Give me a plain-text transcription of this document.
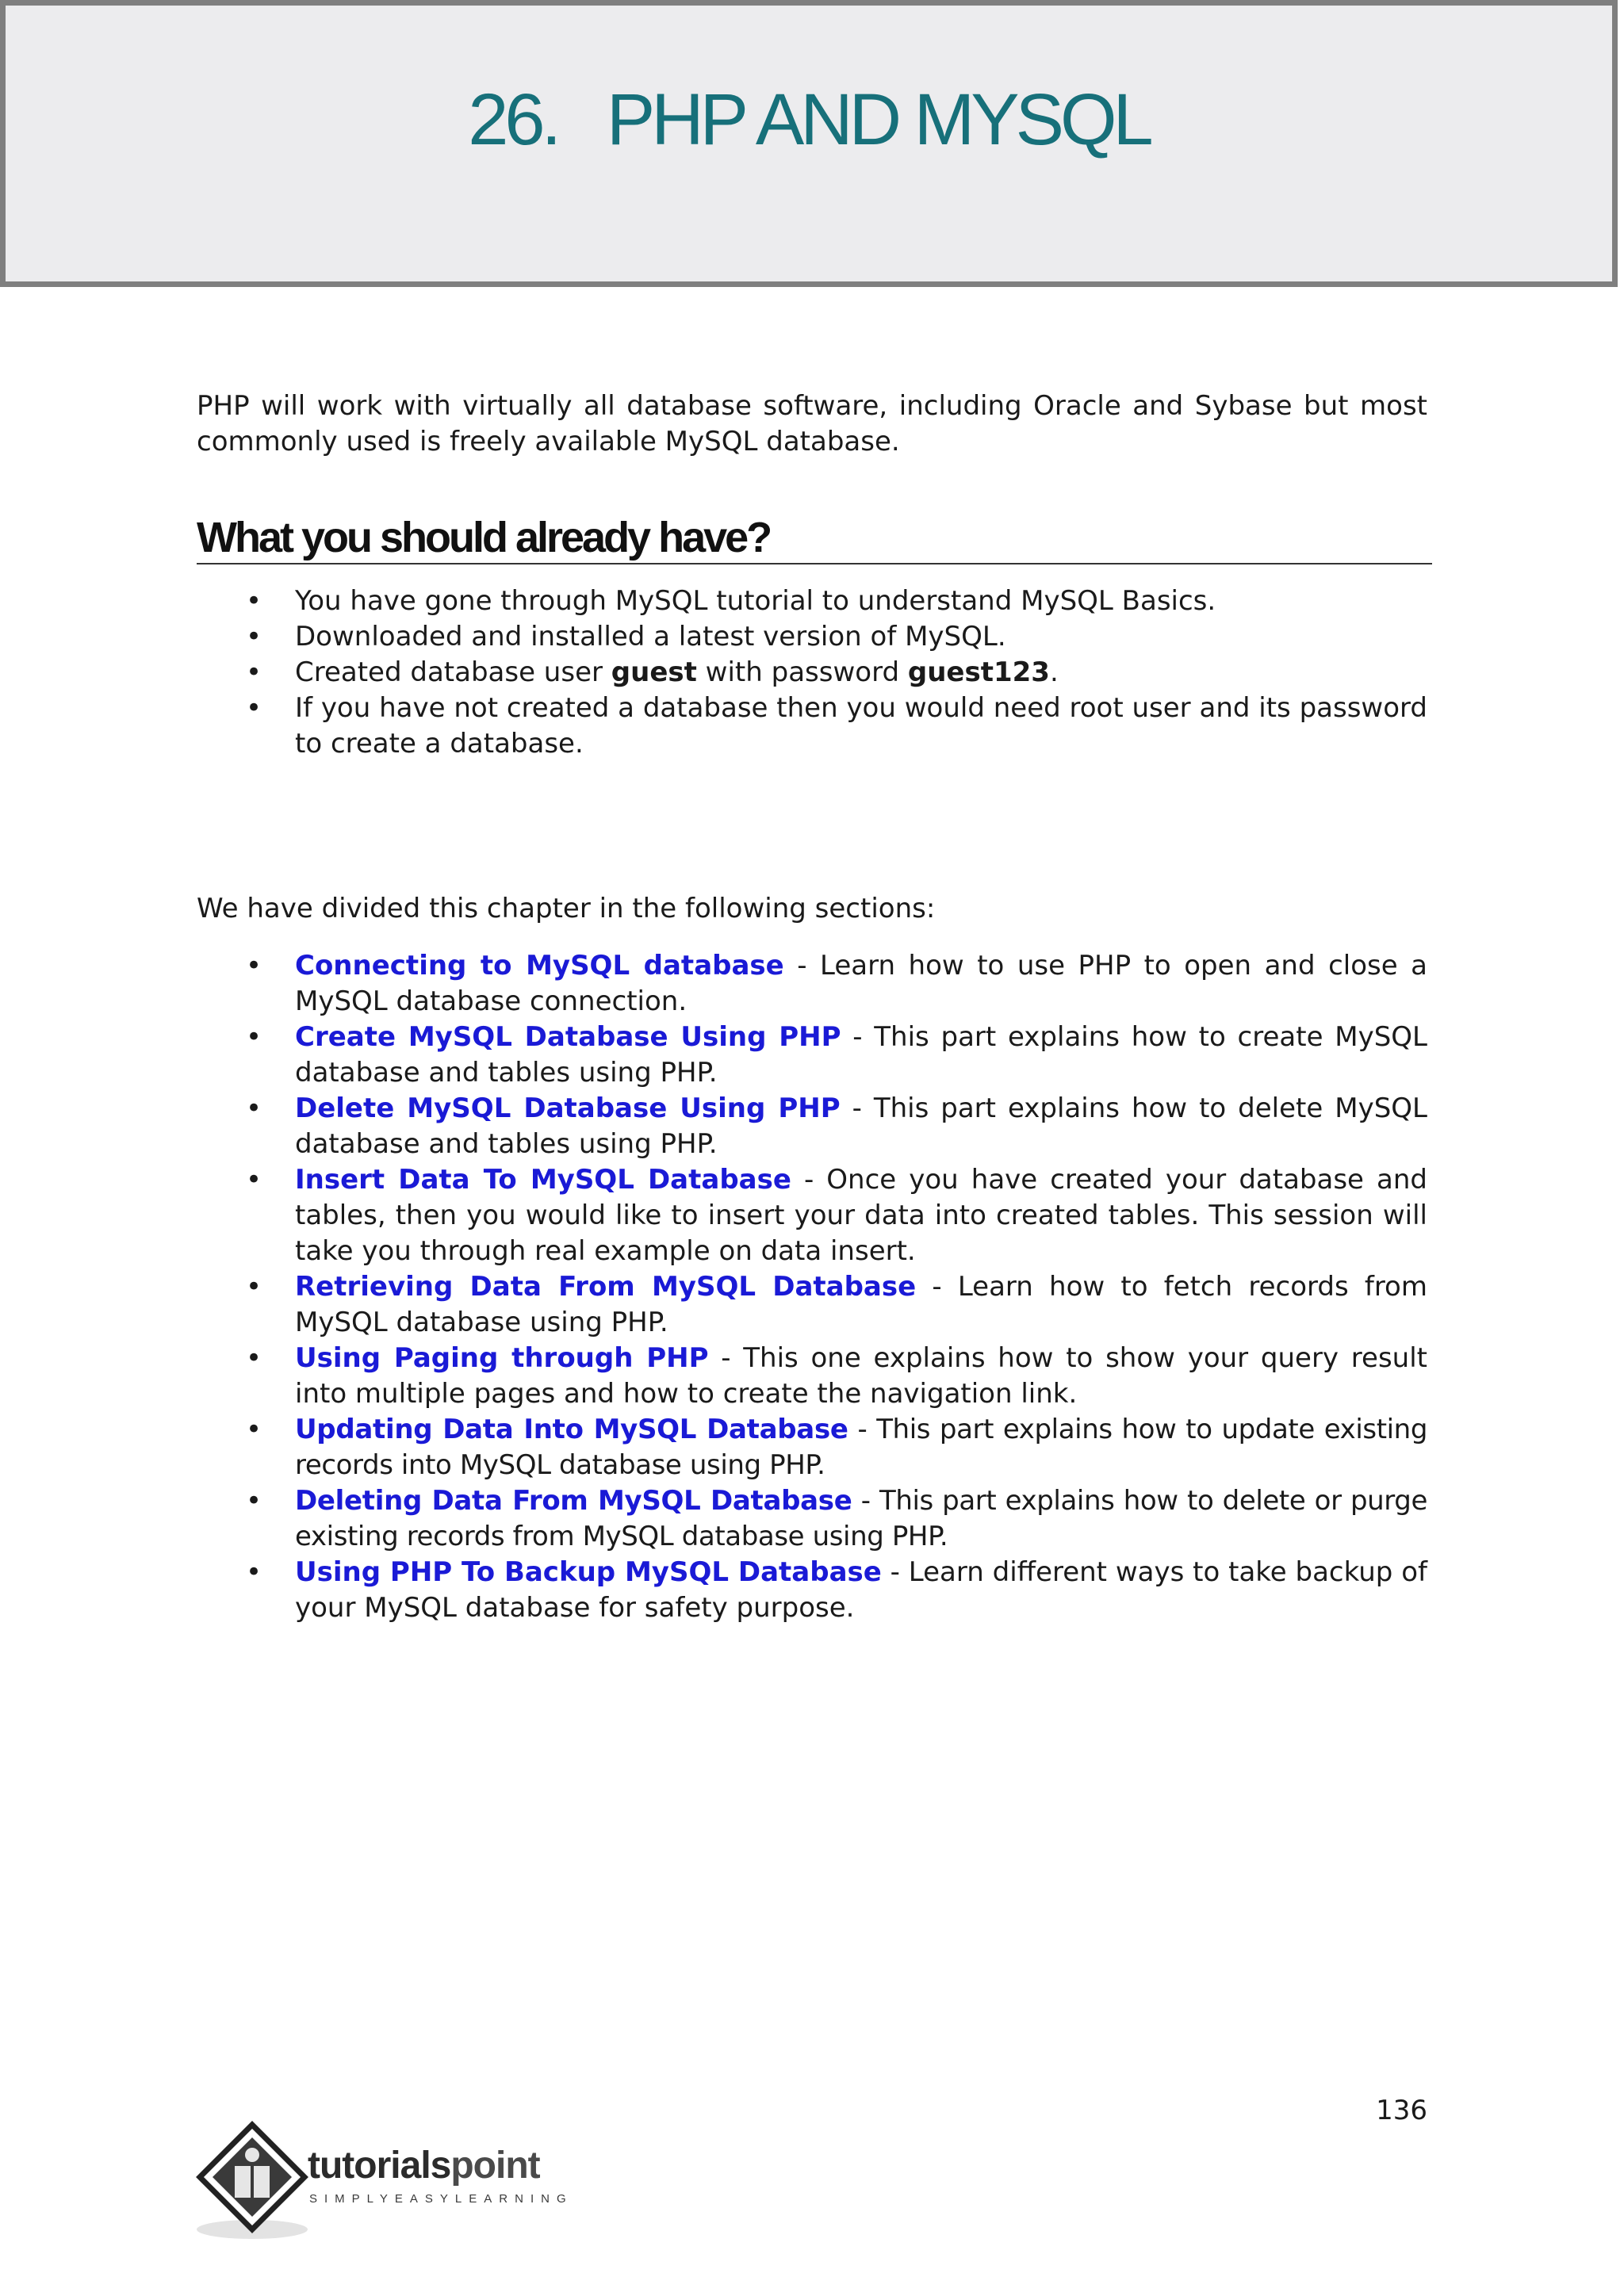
26.   PHP AND MYSQL

PHP will work with virtually all database software, including Oracle and Sybase but most commonly used is freely available MySQL database.

What you should already have?
• You have gone through MySQL tutorial to understand MySQL Basics.
• Downloaded and installed a latest version of MySQL.
• Created database user guest with password guest123.
• If you have not created a database then you would need root user and its password to create a database.

We have divided this chapter in the following sections:

• Connecting to MySQL database - Learn how to use PHP to open and close a MySQL database connection.
• Create MySQL Database Using PHP - This part explains how to create MySQL database and tables using PHP.
• Delete MySQL Database Using PHP - This part explains how to delete MySQL database and tables using PHP.
• Insert Data To MySQL Database - Once you have created your database and tables, then you would like to insert your data into created tables. This session will take you through real example on data insert.
• Retrieving Data From MySQL Database - Learn how to fetch records from MySQL database using PHP.
• Using Paging through PHP - This one explains how to show your query result into multiple pages and how to create the navigation link.
• Updating Data Into MySQL Database - This part explains how to update existing records into MySQL database using PHP.
• Deleting Data From MySQL Database - This part explains how to delete or purge existing records from MySQL database using PHP.
• Using PHP To Backup MySQL Database - Learn different ways to take backup of your MySQL database for safety purpose.
136
tutorialspoint
SIMPLYEASYLEARNING
